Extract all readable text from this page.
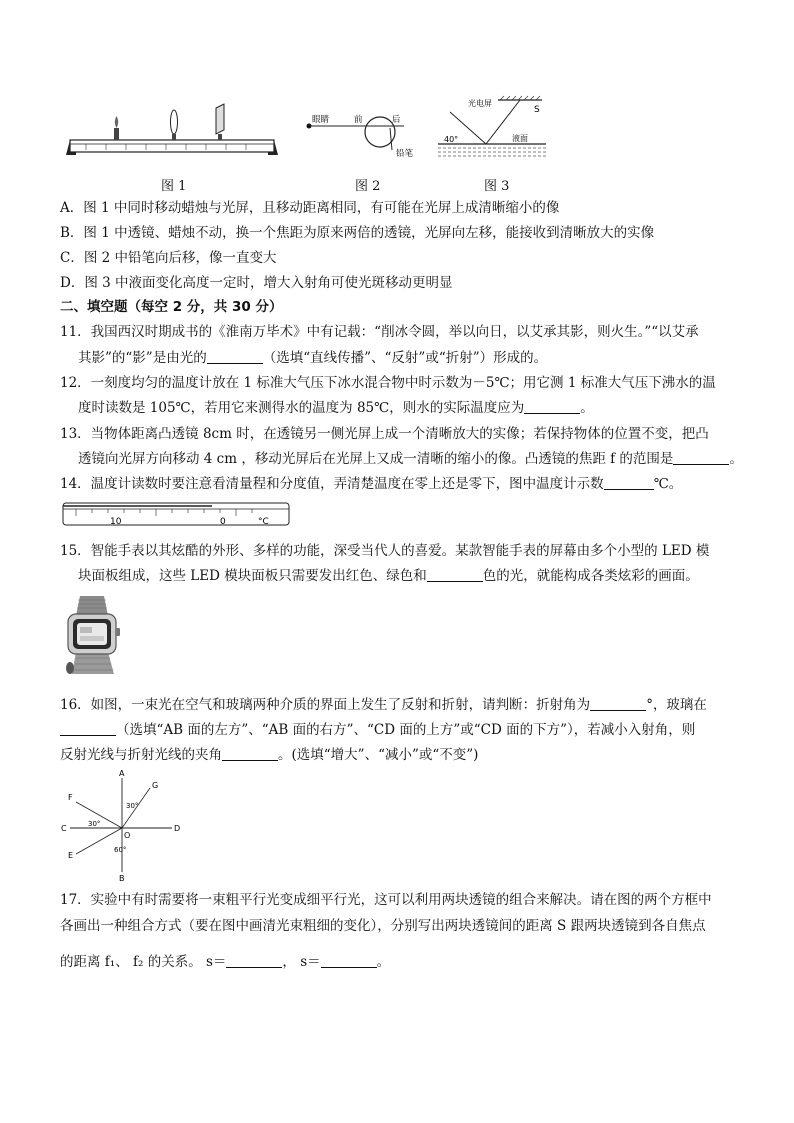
图 1
眼睛	前	后
铅笔
图 2
光电屏
S
40°	液面
图 3
A．图 1 中同时移动蜡烛与光屏，且移动距离相同，有可能在光屏上成清晰缩小的像
B．图 1 中透镜、蜡烛不动，换一个焦距为原来两倍的透镜，光屏向左移，能接收到清晰放大的实像
C．图 2 中铅笔向后移，像一直变大
D．图 3 中液面变化高度一定时，增大入射角可使光斑移动更明显
二、填空题（每空 2 分，共 30 分）
11．我国西汉时期成书的《淮南万毕术》中有记载：“削冰令圆，举以向日，以艾承其影，则火生。”“以艾承
其影”的“影”是由光的	（选填“直线传播”、“反射”或“折射”）形成的。
12．一刻度均匀的温度计放在 1 标准大气压下冰水混合物中时示数为－5℃；用它测 1 标准大气压下沸水的温
度时读数是 105℃，若用它来测得水的温度为 85℃，则水的实际温度应为	。
13．当物体距离凸透镜 8cm 时，在透镜另一侧光屏上成一个清晰放大的实像；若保持物体的位置不变，把凸
透镜向光屏方向移动 4 cm ，移动光屏后在光屏上又成一清晰的缩小的像。凸透镜的焦距 f 的范围是	。
14．温度计读数时要注意看清量程和分度值，弄清楚温度在零上还是零下，图中温度计示数	℃。
10	0	°C
15．智能手表以其炫酷的外形、多样的功能，深受当代人的喜爱。某款智能手表的屏幕由多个小型的 LED 模
块面板组成，这些 LED 模块面板只需要发出红色、绿色和	色的光，就能构成各类炫彩的画面。
16．如图，一束光在空气和玻璃两种介质的界面上发生了反射和折射，请判断：折射角为	°，玻璃在
（选填“AB 面的左方”、“AB 面的右方”、“CD 面的上方”或“CD 面的下方”），若减小入射角，则
反射光线与折射光线的夹角	。(选填“增大”、“减小”或“不变”)
A
B
C	D
E
F
G
O
30°
30°
60°
17．实验中有时需要将一束粗平行光变成细平行光，这可以利用两块透镜的组合来解决。请在图的两个方框中
各画出一种组合方式（要在图中画清光束粗细的变化），分别写出两块透镜间的距离 S 跟两块透镜到各自焦点
的距离 f₁、 f₂ 的关系。 s＝	， s＝	。
